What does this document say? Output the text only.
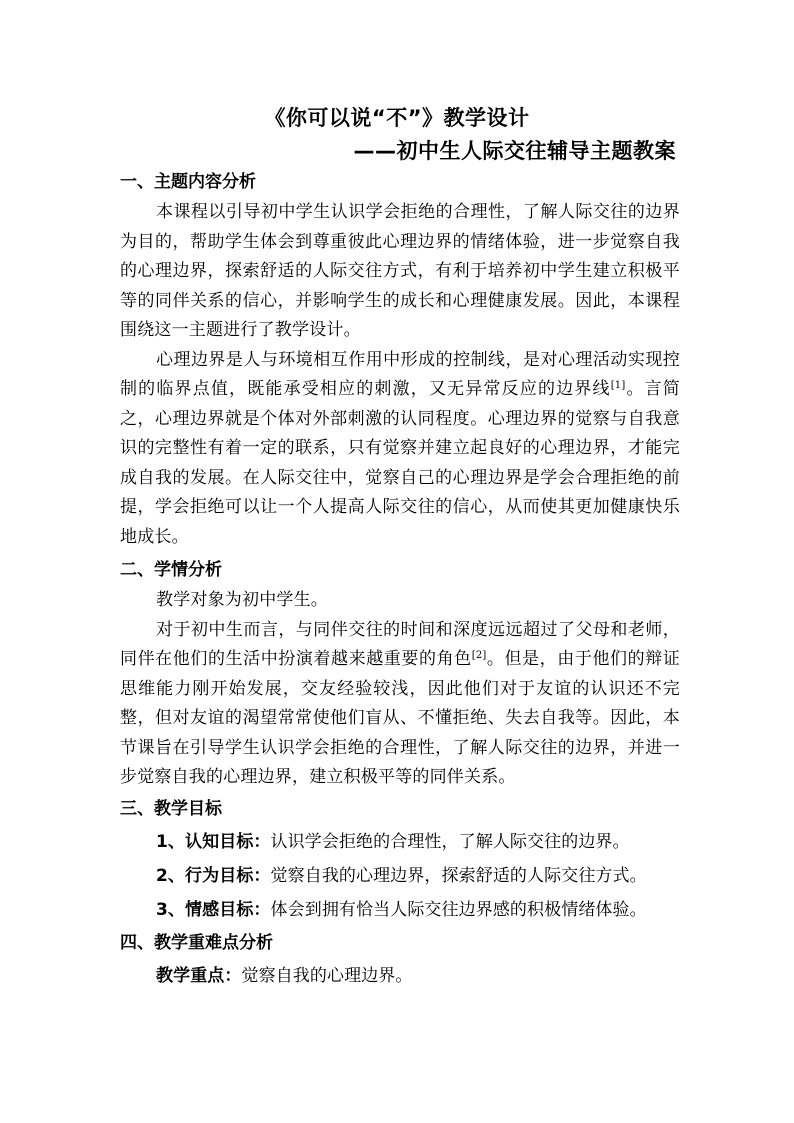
《你可以说“不”》教学设计
——初中生人际交往辅导主题教案
一、主题内容分析

本课程以引导初中学生认识学会拒绝的合理性，了解人际交往的边界为目的，帮助学生体会到尊重彼此心理边界的情绪体验，进一步觉察自我的心理边界，探索舒适的人际交往方式，有利于培养初中学生建立积极平等的同伴关系的信心，并影响学生的成长和心理健康发展。因此，本课程围绕这一主题进行了教学设计。

心理边界是人与环境相互作用中形成的控制线，是对心理活动实现控制的临界点值，既能承受相应的刺激，又无异常反应的边界线[1]。言简之，心理边界就是个体对外部刺激的认同程度。心理边界的觉察与自我意识的完整性有着一定的联系，只有觉察并建立起良好的心理边界，才能完成自我的发展。在人际交往中，觉察自己的心理边界是学会合理拒绝的前提，学会拒绝可以让一个人提高人际交往的信心，从而使其更加健康快乐地成长。

二、学情分析

教学对象为初中学生。

对于初中生而言，与同伴交往的时间和深度远远超过了父母和老师，同伴在他们的生活中扮演着越来越重要的角色[2]。但是，由于他们的辩证思维能力刚开始发展，交友经验较浅，因此他们对于友谊的认识还不完整，但对友谊的渴望常常使他们盲从、不懂拒绝、失去自我等。因此，本节课旨在引导学生认识学会拒绝的合理性，了解人际交往的边界，并进一步觉察自我的心理边界，建立积极平等的同伴关系。

三、教学目标

1、认知目标：认识学会拒绝的合理性，了解人际交往的边界。

2、行为目标：觉察自我的心理边界，探索舒适的人际交往方式。

3、情感目标：体会到拥有恰当人际交往边界感的积极情绪体验。

四、教学重难点分析

教学重点：觉察自我的心理边界。
